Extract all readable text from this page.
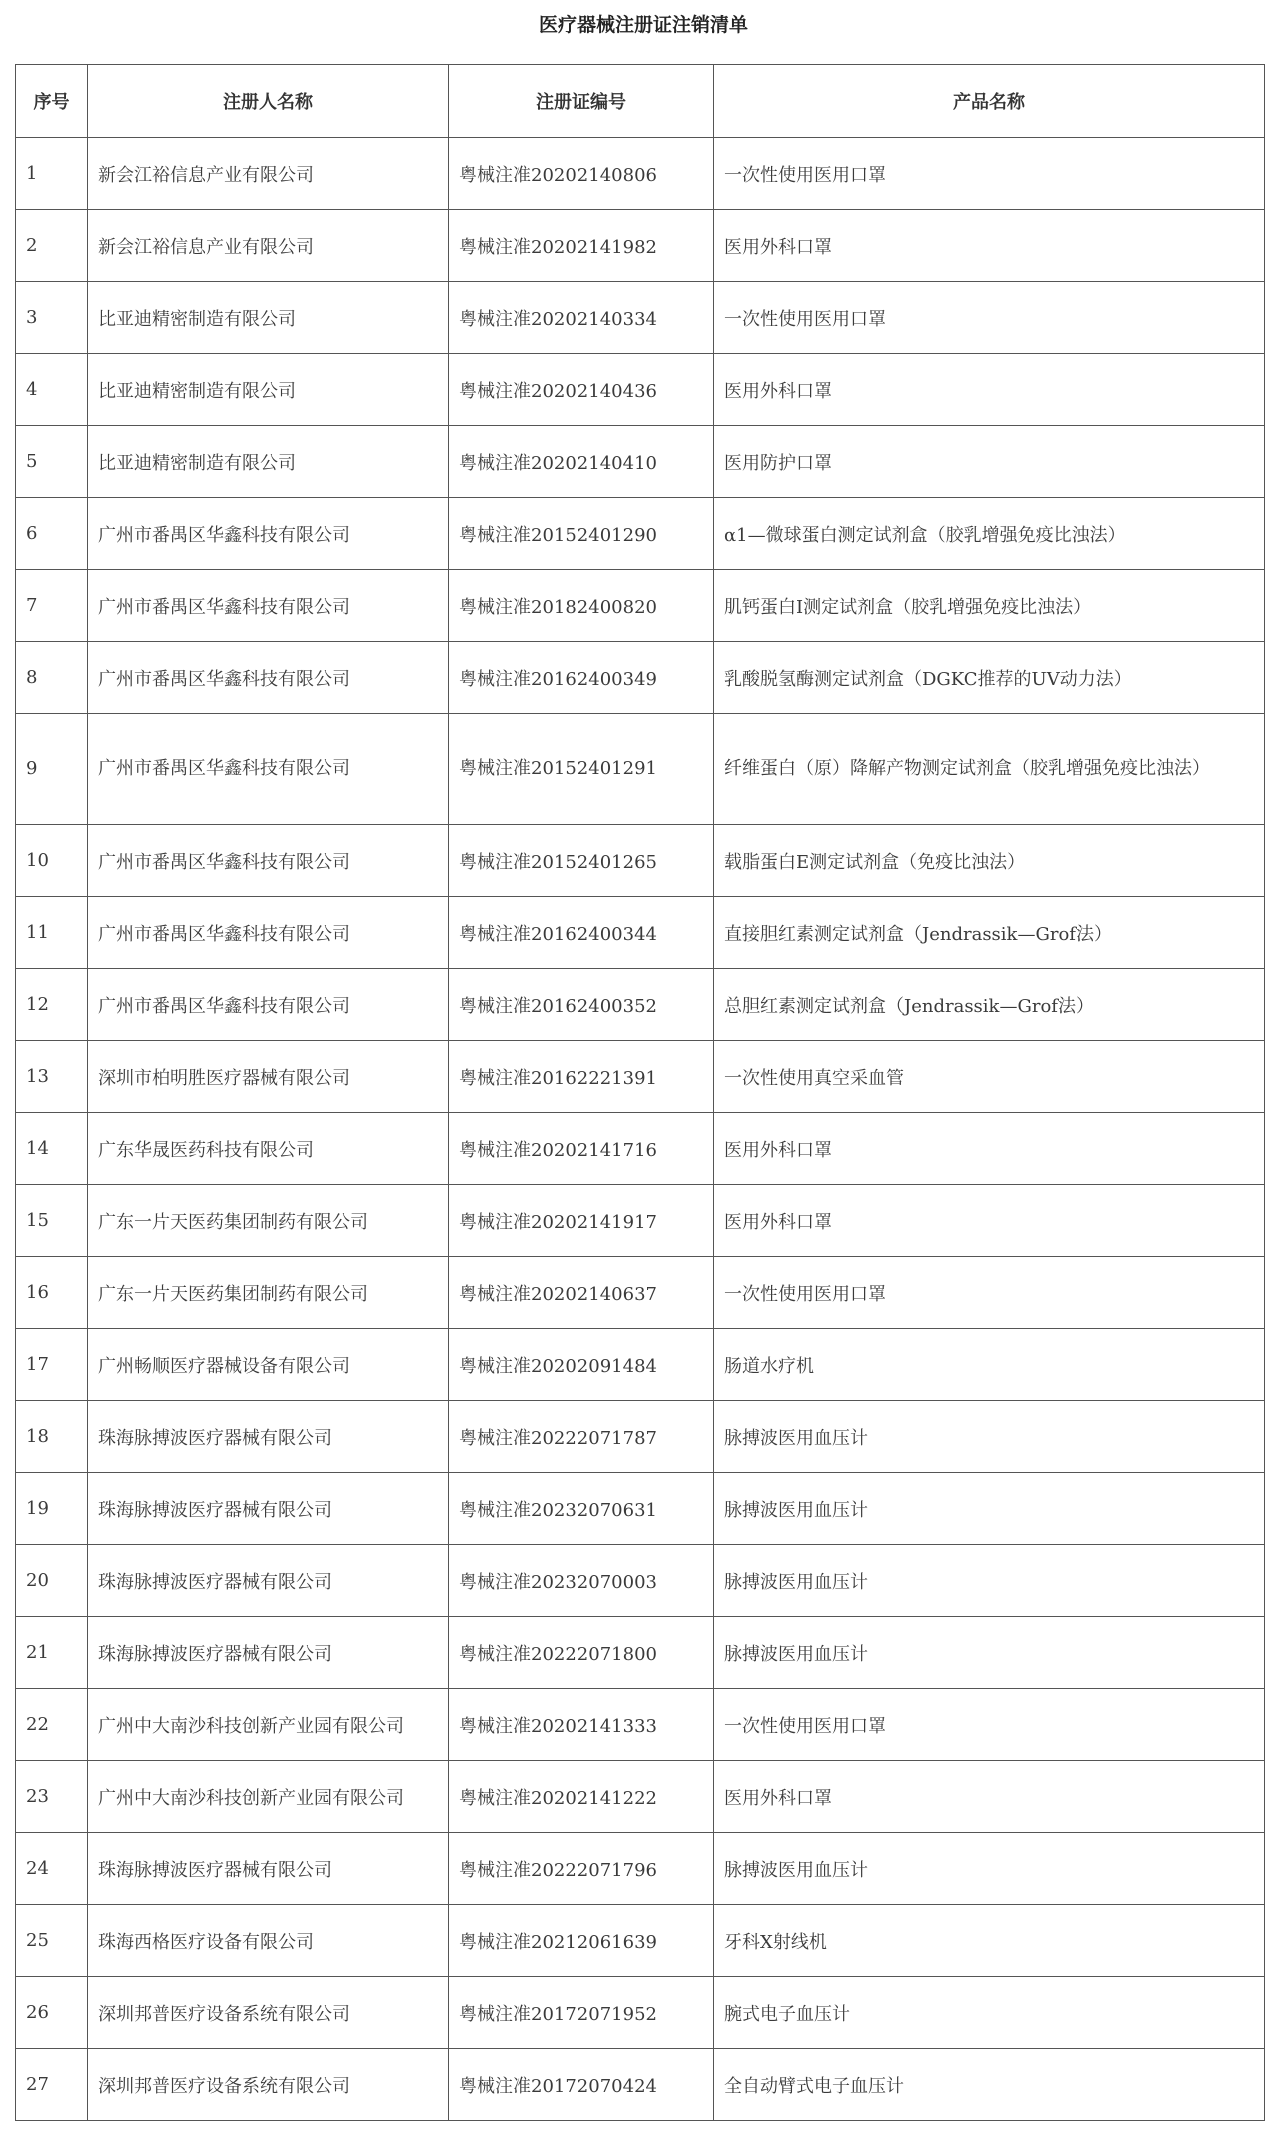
医疗器械注册证注销清单
序号	注册人名称	注册证编号	产品名称
1	新会江裕信息产业有限公司	粤械注准20202140806	一次性使用医用口罩
2	新会江裕信息产业有限公司	粤械注准20202141982	医用外科口罩
3	比亚迪精密制造有限公司	粤械注准20202140334	一次性使用医用口罩
4	比亚迪精密制造有限公司	粤械注准20202140436	医用外科口罩
5	比亚迪精密制造有限公司	粤械注准20202140410	医用防护口罩
6	广州市番禺区华鑫科技有限公司	粤械注准20152401290	α1—微球蛋白测定试剂盒（胶乳增强免疫比浊法）
7	广州市番禺区华鑫科技有限公司	粤械注准20182400820	肌钙蛋白I测定试剂盒（胶乳增强免疫比浊法）
8	广州市番禺区华鑫科技有限公司	粤械注准20162400349	乳酸脱氢酶测定试剂盒（DGKC推荐的UV动力法）
9	广州市番禺区华鑫科技有限公司	粤械注准20152401291	纤维蛋白（原）降解产物测定试剂盒（胶乳增强免疫比浊法）
10	广州市番禺区华鑫科技有限公司	粤械注准20152401265	载脂蛋白E测定试剂盒（免疫比浊法）
11	广州市番禺区华鑫科技有限公司	粤械注准20162400344	直接胆红素测定试剂盒（Jendrassik—Grof法）
12	广州市番禺区华鑫科技有限公司	粤械注准20162400352	总胆红素测定试剂盒（Jendrassik—Grof法）
13	深圳市柏明胜医疗器械有限公司	粤械注准20162221391	一次性使用真空采血管
14	广东华晟医药科技有限公司	粤械注准20202141716	医用外科口罩
15	广东一片天医药集团制药有限公司	粤械注准20202141917	医用外科口罩
16	广东一片天医药集团制药有限公司	粤械注准20202140637	一次性使用医用口罩
17	广州畅顺医疗器械设备有限公司	粤械注准20202091484	肠道水疗机
18	珠海脉搏波医疗器械有限公司	粤械注准20222071787	脉搏波医用血压计
19	珠海脉搏波医疗器械有限公司	粤械注准20232070631	脉搏波医用血压计
20	珠海脉搏波医疗器械有限公司	粤械注准20232070003	脉搏波医用血压计
21	珠海脉搏波医疗器械有限公司	粤械注准20222071800	脉搏波医用血压计
22	广州中大南沙科技创新产业园有限公司	粤械注准20202141333	一次性使用医用口罩
23	广州中大南沙科技创新产业园有限公司	粤械注准20202141222	医用外科口罩
24	珠海脉搏波医疗器械有限公司	粤械注准20222071796	脉搏波医用血压计
25	珠海西格医疗设备有限公司	粤械注准20212061639	牙科X射线机
26	深圳邦普医疗设备系统有限公司	粤械注准20172071952	腕式电子血压计
27	深圳邦普医疗设备系统有限公司	粤械注准20172070424	全自动臂式电子血压计
